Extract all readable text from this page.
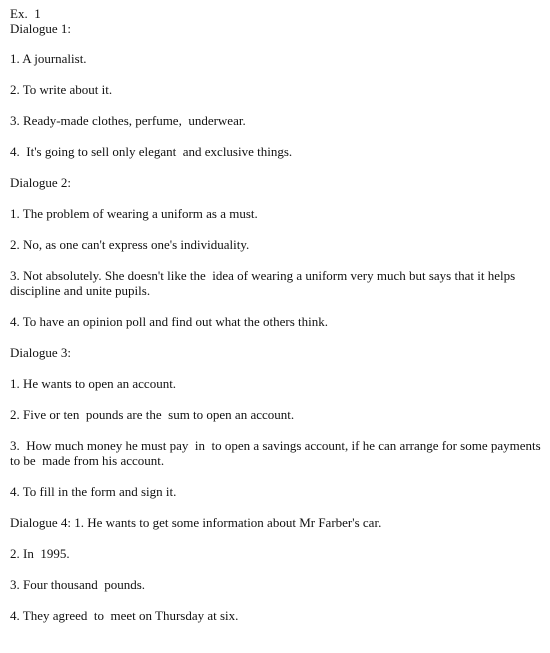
Ex.  1

Dialogue 1:

1. A journalist.

2. To write about it.

3. Ready-made clothes, perfume,  underwear.

4.  It's going to sell only elegant  and exclusive things.

Dialogue 2:

1. The problem of wearing a uniform as a must.

2. No, as one can't express one's individuality.

3. Not absolutely. She doesn't like the  idea of wearing a uniform very much but says that it helps discipline and unite pupils.

4. To have an opinion poll and find out what the others think.

Dialogue 3:

1. He wants to open an account.

2. Five or ten  pounds are the  sum to open an account.

3.  How much money he must pay  in  to open a savings account, if he can arrange for some payments to be  made from his account.

4. To fill in the form and sign it.

Dialogue 4: 1. He wants to get some information about Mr Farber's car.

2. In  1995.

3. Four thousand  pounds.

4. They agreed  to  meet on Thursday at six.
